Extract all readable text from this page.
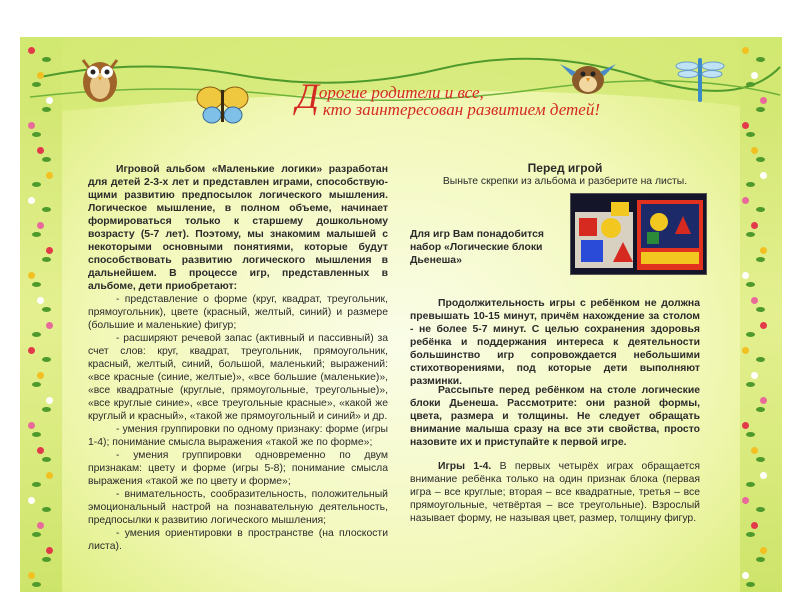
Дорогие родители и все,
кто заинтересован развитием детей!

Игровой альбом «Маленькие логики» разработан для детей 2-3-х лет и представлен играми, способствую-щими развитию предпосылок логического мышления. Логическое мышление, в полном объеме, начинает формироваться только к старшему дошкольному возрасту (5-7 лет). Поэтому, мы знакомим малышей с некоторыми основными понятиями, которые будут способствовать развитию логического мышления в дальнейшем. В процессе игр, представленных в альбоме, дети приобретают:

- представление о форме (круг, квадрат, треугольник, прямоугольник), цвете (красный, желтый, синий) и размере (большие и маленькие) фигур;

- расширяют речевой запас (активный и пассивный) за счет слов: круг, квадрат, треугольник, прямоугольник, красный, желтый, синий, большой, маленький; выражений: «все красные (синие, желтые)», «все большие (маленькие)», «все квадратные (круглые, прямоугольные, треугольные)», «все круглые синие», «все треугольные красные», «какой же круглый и красный», «такой же прямоугольный и синий» и др.

- умения группировки по одному признаку: форме (игры 1-4); понимание смысла выражения «такой же по форме»;

- умения группировки одновременно по двум признакам: цвету и форме (игры 5-8); понимание смысла выражения «такой же по цвету и форме»;

- внимательность, сообразительность, положительный эмоциональный настрой на познавательную деятельность, предпосылки к развитию логического мышления;

- умения ориентировки в пространстве (на плоскости листа).

Перед игрой
Выньте скрепки из альбома и разберите на листы.
Для игр Вам понадобится набор «Логические блоки Дьенеша»
Продолжительность игры с ребёнком не должна превышать 10-15 минут, причём нахождение за столом - не более 5-7 минут. С целью сохранения здоровья ребёнка и поддержания интереса к деятельности большинство игр сопровождается небольшими стихотворениями, под которые дети выполняют разминки.
Рассыпьте перед ребёнком на столе логические блоки Дьенеша. Рассмотрите: они разной формы, цвета, размера и толщины. Не следует обращать внимание малыша сразу на все эти свойства, просто назовите их и приступайте к первой игре.
Игры 1-4. В первых четырёх играх обращается внимание ребёнка только на один признак блока (первая игра – все круглые; вторая – все квадратные, третья – все прямоугольные, четвёртая – все треугольные). Взрослый называет форму, не называя цвет, размер, толщину фигур.
